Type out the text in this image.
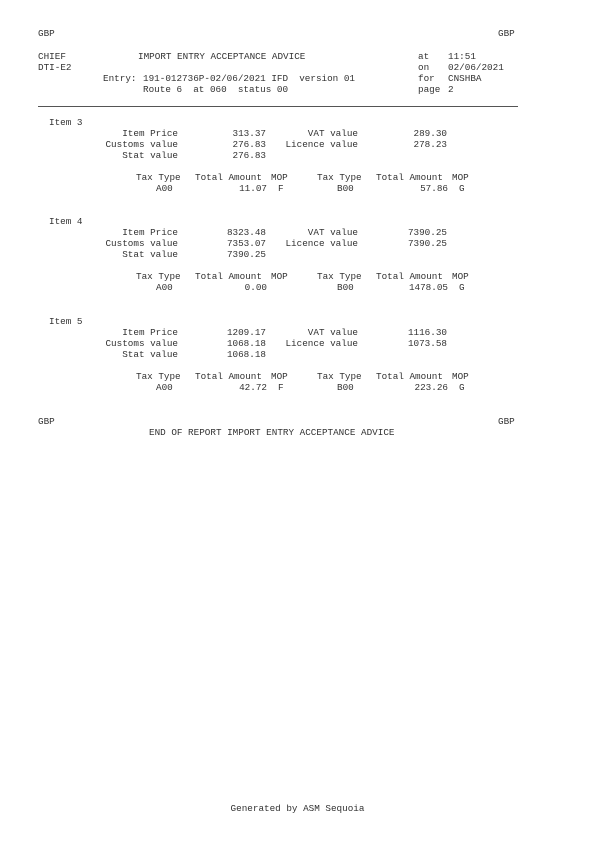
GBP	GBP
CHIEF	IMPORT ENTRY ACCEPTANCE ADVICE	at 11:51
DTI-E2	on 02/06/2021
Entry: 191-012736P-02/06/2021 IFD  version 01	for CNSHBA
Route 6  at 060  status 00	page 2
Item 3
Item Price	313.37	VAT value	289.30
Customs value	276.83	Licence value	278.23
Stat value	276.83
Tax Type Total Amount MOP	Tax Type Total Amount MOP
A00	11.07 F	B00	57.86 G
Item 4
Item Price	8323.48	VAT value	7390.25
Customs value	7353.07	Licence value	7390.25
Stat value	7390.25
Tax Type Total Amount MOP	Tax Type Total Amount MOP
A00	0.00	B00	1478.05 G
Item 5
Item Price	1209.17	VAT value	1116.30
Customs value	1068.18	Licence value	1073.58
Stat value	1068.18
Tax Type Total Amount MOP	Tax Type Total Amount MOP
A00	42.72 F	B00	223.26 G
GBP	GBP
END OF REPORT IMPORT ENTRY ACCEPTANCE ADVICE
Generated by ASM Sequoia
